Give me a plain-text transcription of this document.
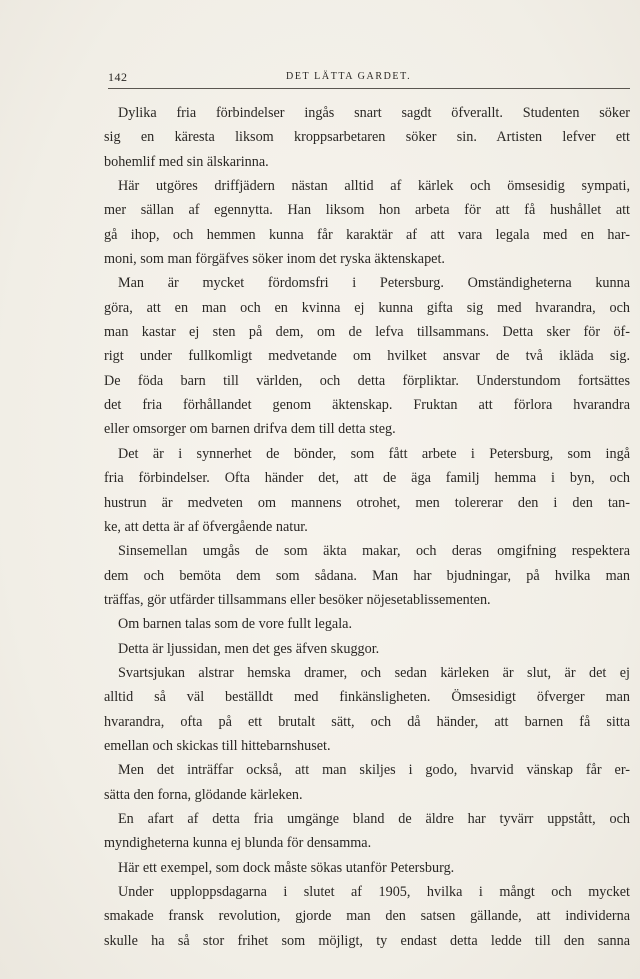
142	DET LÄTTA GARDET.
Dylika fria förbindelser ingås snart sagdt öfverallt. Studenten söker
sig en käresta liksom kroppsarbetaren söker sin. Artisten lefver ett
bohemlif med sin älskarinna.
Här utgöres driffjädern nästan alltid af kärlek och ömsesidig sympati,
mer sällan af egennytta. Han liksom hon arbeta för att få hushållet att
gå ihop, och hemmen kunna får karaktär af att vara legala med en har-
moni, som man förgäfves söker inom det ryska äktenskapet.
Man är mycket fördomsfri i Petersburg. Omständigheterna kunna
göra, att en man och en kvinna ej kunna gifta sig med hvarandra, och
man kastar ej sten på dem, om de lefva tillsammans. Detta sker för öf-
rigt under fullkomligt medvetande om hvilket ansvar de två ikläda sig.
De föda barn till världen, och detta förpliktar. Understundom fortsättes
det fria förhållandet genom äktenskap. Fruktan att förlora hvarandra
eller omsorger om barnen drifva dem till detta steg.
Det är i synnerhet de bönder, som fått arbete i Petersburg, som ingå
fria förbindelser. Ofta händer det, att de äga familj hemma i byn, och
hustrun är medveten om mannens otrohet, men tolererar den i den tan-
ke, att detta är af öfvergående natur.
Sinsemellan umgås de som äkta makar, och deras omgifning respektera
dem och bemöta dem som sådana. Man har bjudningar, på hvilka man
träffas, gör utfärder tillsammans eller besöker nöjesetablissementen.
Om barnen talas som de vore fullt legala.
Detta är ljussidan, men det ges äfven skuggor.
Svartsjukan alstrar hemska dramer, och sedan kärleken är slut, är det ej
alltid så väl beställdt med finkänsligheten. Ömsesidigt öfverger man
hvarandra, ofta på ett brutalt sätt, och då händer, att barnen få sitta
emellan och skickas till hittebarnshuset.
Men det inträffar också, att man skiljes i godo, hvarvid vänskap får er-
sätta den forna, glödande kärleken.
En afart af detta fria umgänge bland de äldre har tyvärr uppstått, och
myndigheterna kunna ej blunda för densamma.
Här ett exempel, som dock måste sökas utanför Petersburg.
Under upploppsdagarna i slutet af 1905, hvilka i mångt och mycket
smakade fransk revolution, gjorde man den satsen gällande, att individerna
skulle ha så stor frihet som möjligt, ty endast detta ledde till den sanna
